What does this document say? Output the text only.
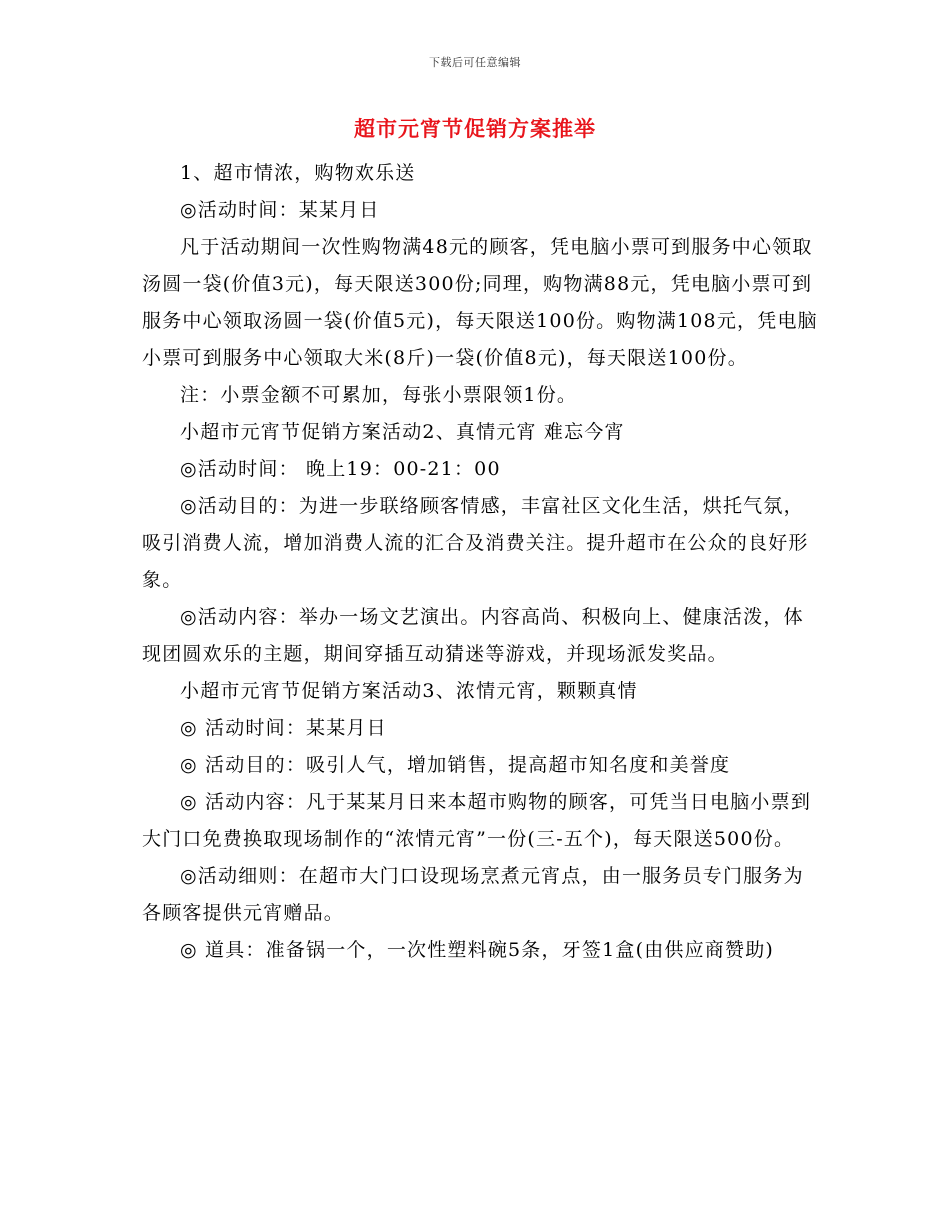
下载后可任意编辑
超市元宵节促销方案推举

1、超市情浓，购物欢乐送

◎活动时间：某某月日

凡于活动期间一次性购物满48元的顾客，凭电脑小票可到服务中心领取汤圆一袋(价值3元)，每天限送300份;同理，购物满88元，凭电脑小票可到服务中心领取汤圆一袋(价值5元)，每天限送100份。购物满108元，凭电脑小票可到服务中心领取大米(8斤)一袋(价值8元)，每天限送100份。

注：小票金额不可累加，每张小票限领1份。

小超市元宵节促销方案活动2、真情元宵 难忘今宵

◎活动时间： 晚上19：00-21：00

◎活动目的：为进一步联络顾客情感，丰富社区文化生活，烘托气氛，吸引消费人流，增加消费人流的汇合及消费关注。提升超市在公众的良好形象。

◎活动内容：举办一场文艺演出。内容高尚、积极向上、健康活泼，体现团圆欢乐的主题，期间穿插互动猜迷等游戏，并现场派发奖品。

小超市元宵节促销方案活动3、浓情元宵，颗颗真情

◎ 活动时间：某某月日

◎ 活动目的：吸引人气，增加销售，提高超市知名度和美誉度

◎ 活动内容：凡于某某月日来本超市购物的顾客，可凭当日电脑小票到大门口免费换取现场制作的“浓情元宵”一份(三-五个)，每天限送500份。

◎活动细则：在超市大门口设现场烹煮元宵点，由一服务员专门服务为各顾客提供元宵赠品。

◎ 道具：准备锅一个，一次性塑料碗5条，牙签1盒(由供应商赞助)
